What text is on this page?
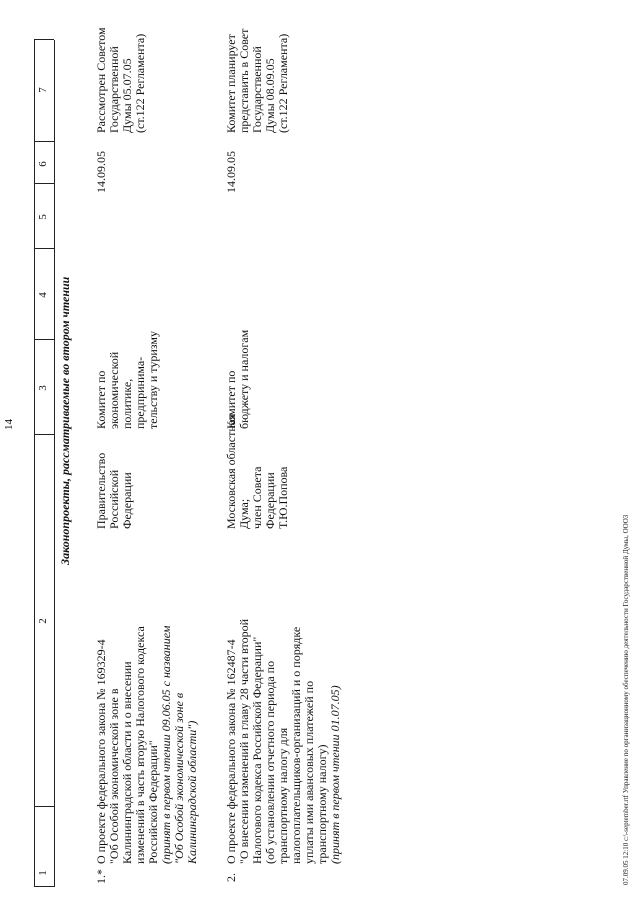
14
1
2
3
4
5
6
7
Законопроекты, рассматриваемые во втором чтении
1.*
О проекте федерального закона № 169329-4
"Об Особой экономической зоне в
Калининградской области и о внесении
изменений в часть вторую Налогового кодекса
Российской Федерации"
(принят в первом чтении 09.06.05 с названием
"Об Особой экономической зоне в
Калининградской области")
Правительство
Российской
Федерации
Комитет по
экономической
политике,
предпринима-
тельству и туризму
14.09.05
Рассмотрен Советом
Государственной
Думы 05.07.05
(ст.122 Регламента)
2.
О проекте федерального закона № 162487-4
"О внесении изменений в главу 28 части второй
Налогового кодекса Российской Федерации"
(об установлении отчетного периода по
транспортному налогу для
налогоплательщиков-организаций и о порядке
уплаты ими авансовых платежей по
транспортному налогу) (принят в первом чтении 01.07.05)
Московская областная
Дума;
член Совета
Федерации
Т.Ю.Попова
Комитет по
бюджету и налогам
14.09.05
Комитет планирует
представить в Совет
Государственной
Думы 08.09.05
(ст.122 Регламента)
07.09.05 12:10 c:\-september.rtf Управление по организационному обеспечению деятельности Государственной Думы, ООО3
